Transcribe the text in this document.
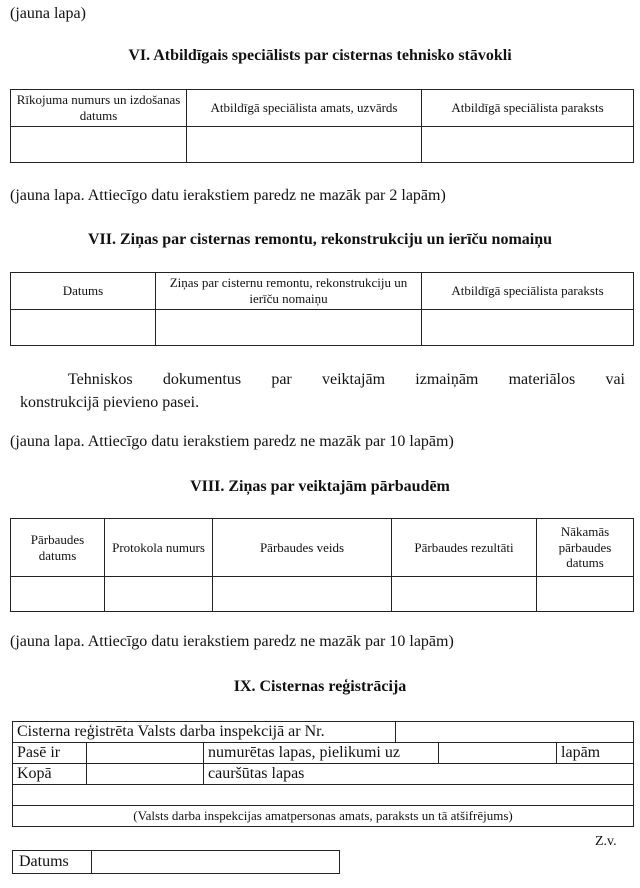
(jauna lapa)
VI. Atbildīgais speciālists par cisternas tehnisko stāvokli
Rīkojuma numurs un izdošanas datums	Atbildīgā speciālista amats, uzvārds	Atbildīgā speciālista paraksts

(jauna lapa. Attiecīgo datu ierakstiem paredz ne mazāk par 2 lapām)
VII. Ziņas par cisternas remontu, rekonstrukciju un ierīču nomaiņu
Datums	Ziņas par cisternu remontu, rekonstrukciju un ierīču nomaiņu	Atbildīgā speciālista paraksts

Tehniskos dokumentus par veiktajām izmaiņām materiālos vai
konstrukcijā pievieno pasei.
(jauna lapa. Attiecīgo datu ierakstiem paredz ne mazāk par 10 lapām)
VIII. Ziņas par veiktajām pārbaudēm
Pārbaudes datums	Protokola numurs	Pārbaudes veids	Pārbaudes rezultāti	Nākamās pārbaudes datums

(jauna lapa. Attiecīgo datu ierakstiem paredz ne mazāk par 10 lapām)
IX. Cisternas reģistrācija
Cisterna reģistrēta Valsts darba inspekcijā ar Nr.					
Pasē ir		numurētas lapas, pielikumi uz			lapām
Kopā		cauršūtas lapas			

(Valsts darba inspekcijas amatpersonas amats, paraksts un tā atšifrējums)					
Z.v.
Datums
